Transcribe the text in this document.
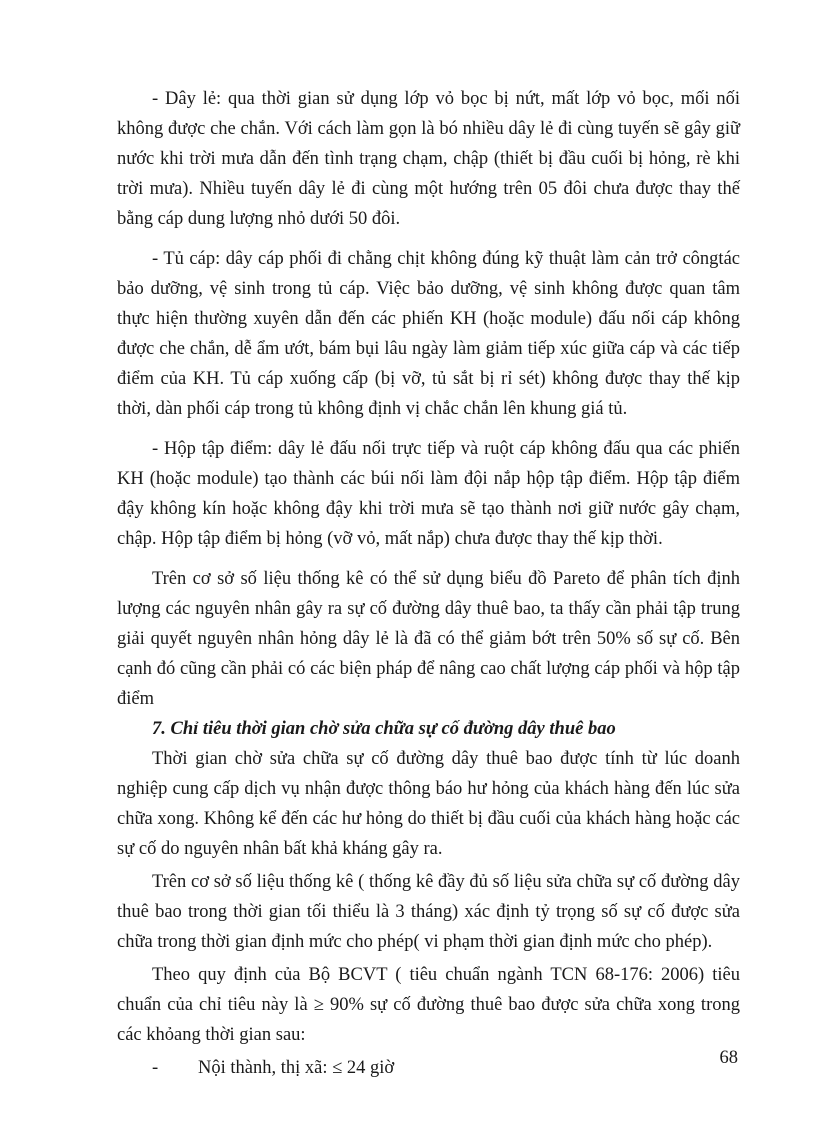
- Dây lẻ: qua thời gian sử dụng lớp vỏ bọc bị nứt, mất lớp vỏ bọc, mối nối không được che chắn. Với cách làm gọn là bó nhiều dây lẻ đi cùng tuyến sẽ gây giữ nước khi trời mưa dẫn đến tình trạng chạm, chập (thiết bị đầu cuối bị hỏng, rè khi trời mưa). Nhiều tuyến dây lẻ đi cùng một hướng trên 05 đôi chưa được thay thế bằng cáp dung lượng nhỏ dưới 50 đôi.

- Tủ cáp: dây cáp phối đi chằng chịt không đúng kỹ thuật làm cản trở côngtác bảo dưỡng, vệ sinh trong tủ cáp. Việc bảo dưỡng, vệ sinh không được quan tâm thực hiện thường xuyên dẫn đến các phiến KH (hoặc module) đấu nối cáp không được che chắn, dễ ẩm ướt, bám bụi lâu ngày làm giảm tiếp xúc giữa cáp và các tiếp điểm của KH. Tủ cáp xuống cấp (bị vỡ, tủ sắt bị rỉ sét) không được thay thế kịp thời, dàn phối cáp trong tủ không định vị chắc chắn lên khung giá tủ.

- Hộp tập điểm: dây lẻ đấu nối trực tiếp và ruột cáp không đấu qua các phiến KH (hoặc module) tạo thành các búi nối làm đội nắp hộp tập điểm. Hộp tập điểm đậy không kín hoặc không đậy khi trời mưa sẽ tạo thành nơi giữ nước gây chạm, chập. Hộp tập điểm bị hỏng (vỡ vỏ, mất nắp) chưa được thay thế kịp thời.

Trên cơ sở số liệu thống kê có thể sử dụng biểu đồ Pareto để phân tích định lượng các nguyên nhân gây ra sự cố đường dây thuê bao, ta thấy cần phải tập trung giải quyết nguyên nhân hỏng dây lẻ là đã có thể giảm bớt trên 50% số sự cố. Bên cạnh đó cũng cần phải có các biện pháp để nâng cao chất lượng cáp phối và hộp tập điểm

7. Chỉ tiêu thời gian chờ sửa chữa sự cố đường dây thuê bao

Thời gian chờ sửa chữa sự cố đường dây thuê bao được tính từ lúc doanh nghiệp cung cấp dịch vụ nhận được thông báo hư hỏng của khách hàng đến lúc sửa chữa xong. Không kể đến các hư hỏng do thiết bị đầu cuối của khách hàng hoặc các sự cố do nguyên nhân bất khả kháng gây ra.

Trên cơ sở số liệu thống kê ( thống kê đầy đủ số liệu sửa chữa sự cố đường dây thuê bao trong thời gian tối thiểu là 3 tháng) xác định tỷ trọng số sự cố được sửa chữa trong thời gian định mức cho phép( vi phạm thời gian định mức cho phép).

Theo quy định của Bộ BCVT ( tiêu chuẩn ngành TCN 68-176: 2006) tiêu chuẩn của chỉ tiêu này là ≥ 90% sự cố đường thuê bao được sửa chữa xong trong các khỏang thời gian sau:

-	Nội thành, thị xã: ≤ 24 giờ	68
